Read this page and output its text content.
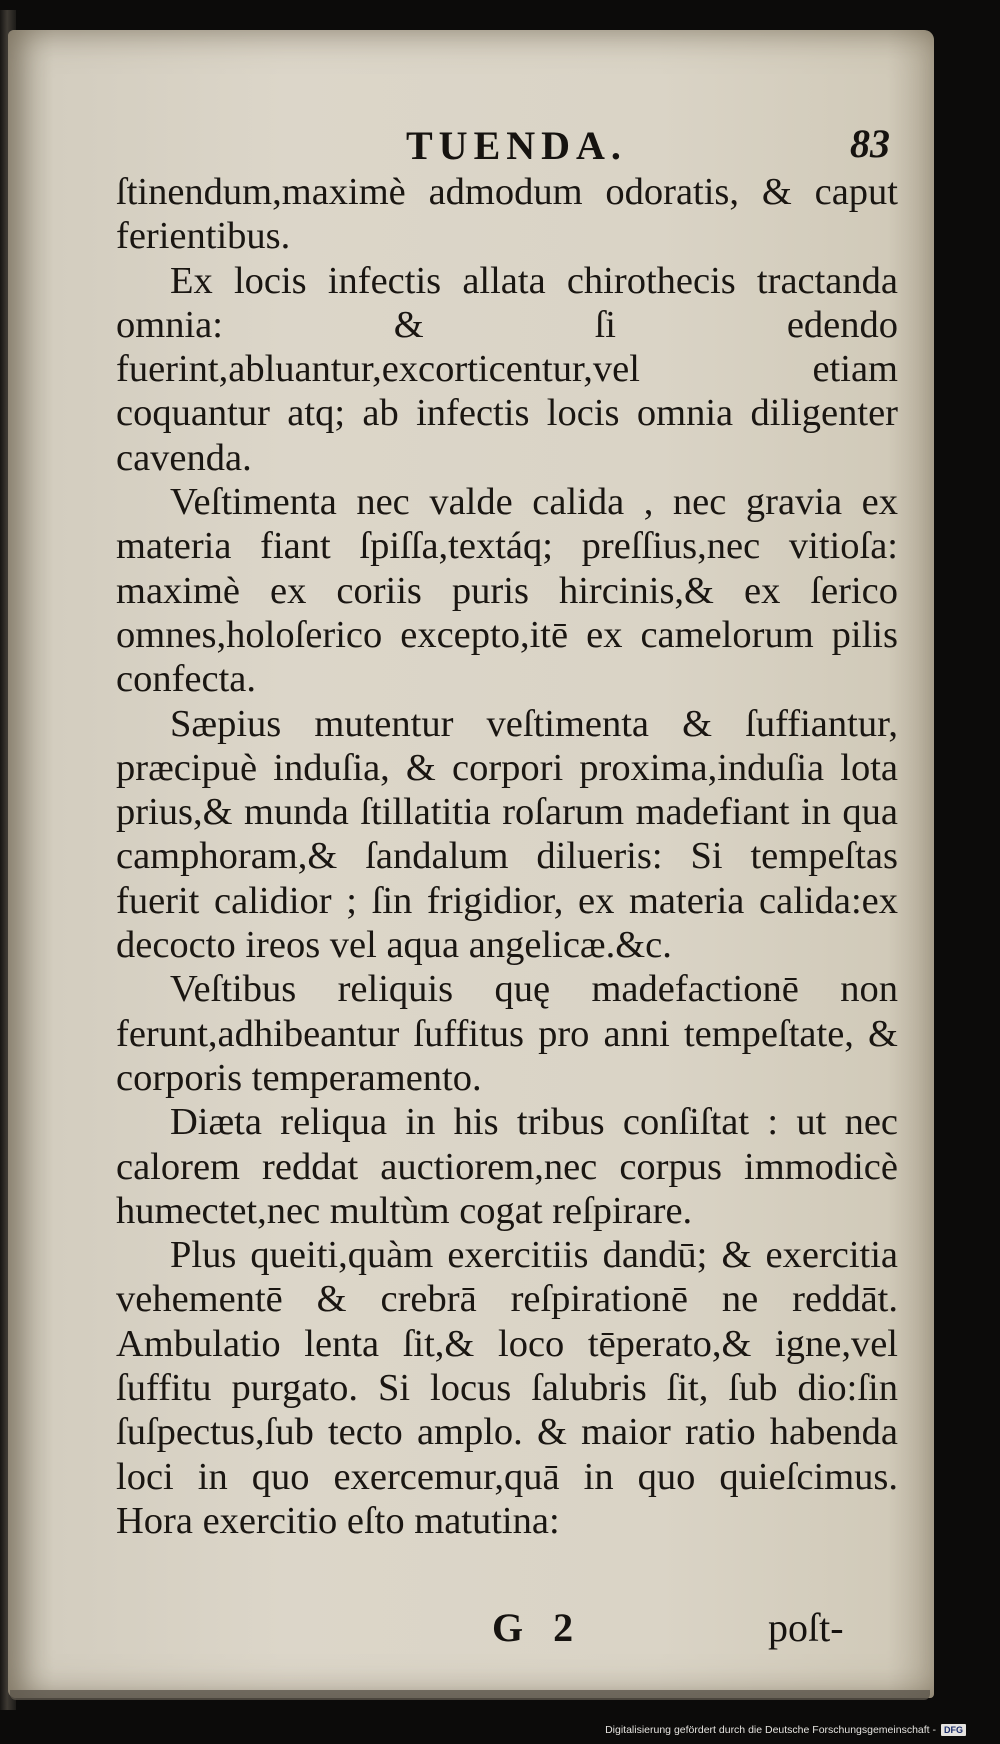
TUENDA.	83

ſtinendum,maximè admodum odoratis, & caput ferientibus.

Ex locis infectis allata chirothecis tractanda omnia: & ſi edendo fuerint,abluantur,excorticentur,vel etiam coquantur atq; ab infectis locis omnia diligenter cavenda.

Veſtimenta nec valde calida , nec gravia ex materia fiant ſpiſſa,textáq; preſſius,nec vitioſa: maximè ex coriis puris hircinis,& ex ſerico omnes,holoſerico excepto,itē ex camelorum pilis confecta.

Sæpius mutentur veſtimenta & ſuffiantur, præcipuè induſia, & corpori proxima,induſia lota prius,& munda ſtillatitia roſarum madefiant in qua camphoram,& ſandalum dilueris: Si tempeſtas fuerit calidior ; ſin frigidior, ex materia calida:ex decocto ireos vel aqua angelicæ.&c.

Veſtibus reliquis quę madefactionē non ferunt,adhibeantur ſuffitus pro anni tempeſtate, & corporis temperamento.

Diæta reliqua in his tribus conſiſtat : ut nec calorem reddat auctiorem,nec corpus immodicè humectet,nec multùm cogat reſpirare.

Plus queiti,quàm exercitiis dandū; & exercitia vehementē & crebrā reſpirationē ne reddāt. Ambulatio lenta ſit,& loco tēperato,& igne,vel ſuffitu purgato. Si locus ſalubris ſit, ſub dio:ſin ſuſpectus,ſub tecto amplo. & maior ratio habenda loci in quo exercemur,quā in quo quieſcimus. Hora exercitio eſto matutina:

G 2	poſt-
Digitalisierung gefördert durch die Deutsche Forschungsgemeinschaft - DFG
